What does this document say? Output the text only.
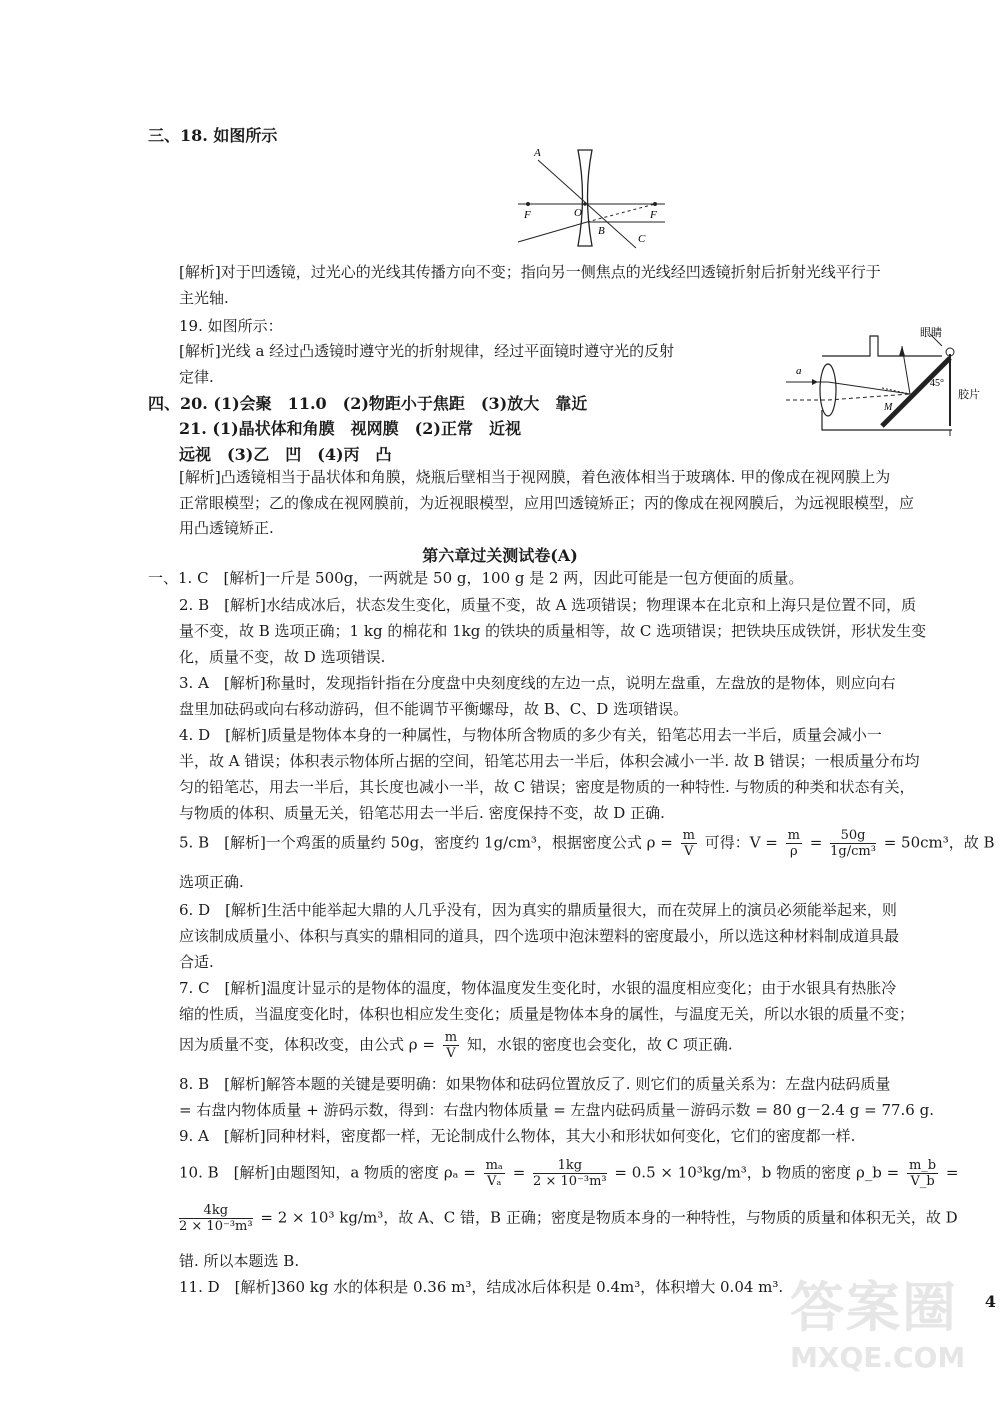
三、18. 如图所示
A
F	O	F
B
C
[解析]对于凹透镜，过光心的光线其传播方向不变；指向另一侧焦点的光线经凹透镜折射后折射光线平行于
主光轴.
19. 如图所示：
[解析]光线 a 经过凸透镜时遵守光的折射规律，经过平面镜时遵守光的反射
定律.
眼睛
a
45°
胶片
M
四、20. (1)会聚　11.0　(2)物距小于焦距　(3)放大　靠近
21. (1)晶状体和角膜　视网膜　(2)正常　近视
远视　(3)乙　凹　(4)丙　凸
[解析]凸透镜相当于晶状体和角膜，烧瓶后壁相当于视网膜，着色液体相当于玻璃体. 甲的像成在视网膜上为
正常眼模型；乙的像成在视网膜前，为近视眼模型，应用凹透镜矫正；丙的像成在视网膜后，为远视眼模型，应
用凸透镜矫正.
第六章过关测试卷(A)
一、1. C　[解析]一斤是 500g，一两就是 50 g，100 g 是 2 两，因此可能是一包方便面的质量。
2. B　[解析]水结成冰后，状态发生变化，质量不变，故 A 选项错误；物理课本在北京和上海只是位置不同，质
量不变，故 B 选项正确；1 kg 的棉花和 1kg 的铁块的质量相等，故 C 选项错误；把铁块压成铁饼，形状发生变
化，质量不变，故 D 选项错误.
3. A　[解析]称量时，发现指针指在分度盘中央刻度线的左边一点，说明左盘重，左盘放的是物体，则应向右
盘里加砝码或向右移动游码，但不能调节平衡螺母，故 B、C、D 选项错误。
4. D　[解析]质量是物体本身的一种属性，与物体所含物质的多少有关，铅笔芯用去一半后，质量会减小一
半，故 A 错误；体积表示物体所占据的空间，铅笔芯用去一半后，体积会减小一半. 故 B 错误；一根质量分布均
匀的铅笔芯，用去一半后，其长度也减小一半，故 C 错误；密度是物质的一种特性. 与物质的种类和状态有关，
与物质的体积、质量无关，铅笔芯用去一半后. 密度保持不变，故 D 正确.
5. B　[解析]一个鸡蛋的质量约 50g，密度约 1g/cm³，根据密度公式 $\rho = \frac{m}{V}$ 可得：$V = \frac{m}{\rho} = \frac{50g}{\text{1g/cm³}} = 50cm^3$，故 B
选项正确.
6. D　[解析]生活中能举起大鼎的人几乎没有，因为真实的鼎质量很大，而在荧屏上的演员必须能举起来，则
应该制成质量小、体积与真实的鼎相同的道具，四个选项中泡沫塑料的密度最小，所以选这种材料制成道具最
合适.
7. C　[解析]温度计显示的是物体的温度，物体温度发生变化时，水银的温度相应变化；由于水银具有热胀冷
缩的性质，当温度变化时，体积也相应发生变化；质量是物体本身的属性，与温度无关，所以水银的质量不变；
因为质量不变，体积改变，由公式 $\rho = \frac{m}{V}$ 知，水银的密度也会变化，故 C 项正确.
8. B　[解析]解答本题的关键是要明确：如果物体和砝码位置放反了. 则它们的质量关系为：左盘内砝码质量
= 右盘内物体质量 + 游码示数，得到：右盘内物体质量 = 左盘内砝码质量－游码示数 = 80 g－2.4 g = 77.6 g.
9. A　[解析]同种材料，密度都一样，无论制成什么物体，其大小和形状如何变化，它们的密度都一样.
10. B　[解析]由题图知，a 物质的密度 $\rho_a = \frac{\text{mₐ}}{\text{Vₐ}} = \frac{1kg}{\text{2 × 10⁻³m³}} = 0.5 \times 10^3kg/m^3$，b 物质的密度 ρ_b = $\frac{m\_b}{V\_b}$ =
$\frac{4kg}{\text{2 × 10⁻³m³}} = 2 \times 10^3$ kg/m³，故 A、C 错，B 正确；密度是物质本身的一种特性，与物质的质量和体积无关，故 D
错. 所以本题选 B.
11. D　[解析]360 kg 水的体积是 0.36 m³，结成冰后体积是 0.4m³，体积增大 0.04 m³.
4
答案圈
MXQE.COM
